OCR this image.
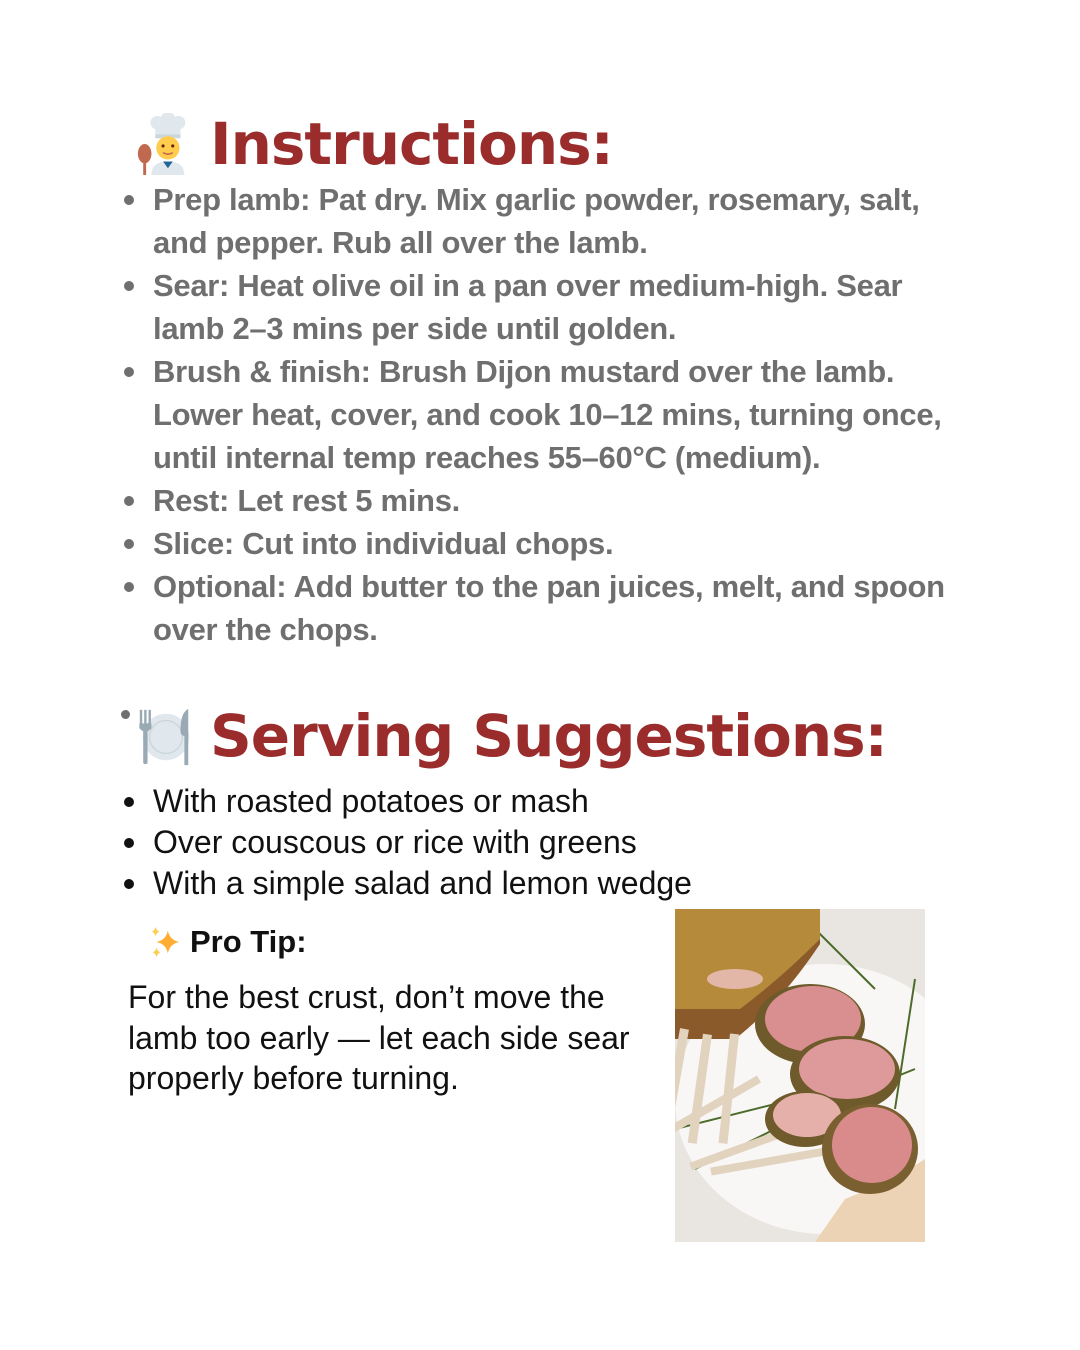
Instructions:
Prep lamb: Pat dry. Mix garlic powder, rosemary, salt, and pepper. Rub all over the lamb.
Sear: Heat olive oil in a pan over medium-high. Sear lamb 2–3 mins per side until golden.
Brush & finish: Brush Dijon mustard over the lamb. Lower heat, cover, and cook 10–12 mins, turning once, until internal temp reaches 55–60°C (medium).
Rest: Let rest 5 mins.
Slice: Cut into individual chops.
Optional: Add butter to the pan juices, melt, and spoon over the chops.
Serving Suggestions:
With roasted potatoes or mash
Over couscous or rice with greens
With a simple salad and lemon wedge
Pro Tip:
For the best crust, don’t move the lamb too early — let each side sear properly before turning.
